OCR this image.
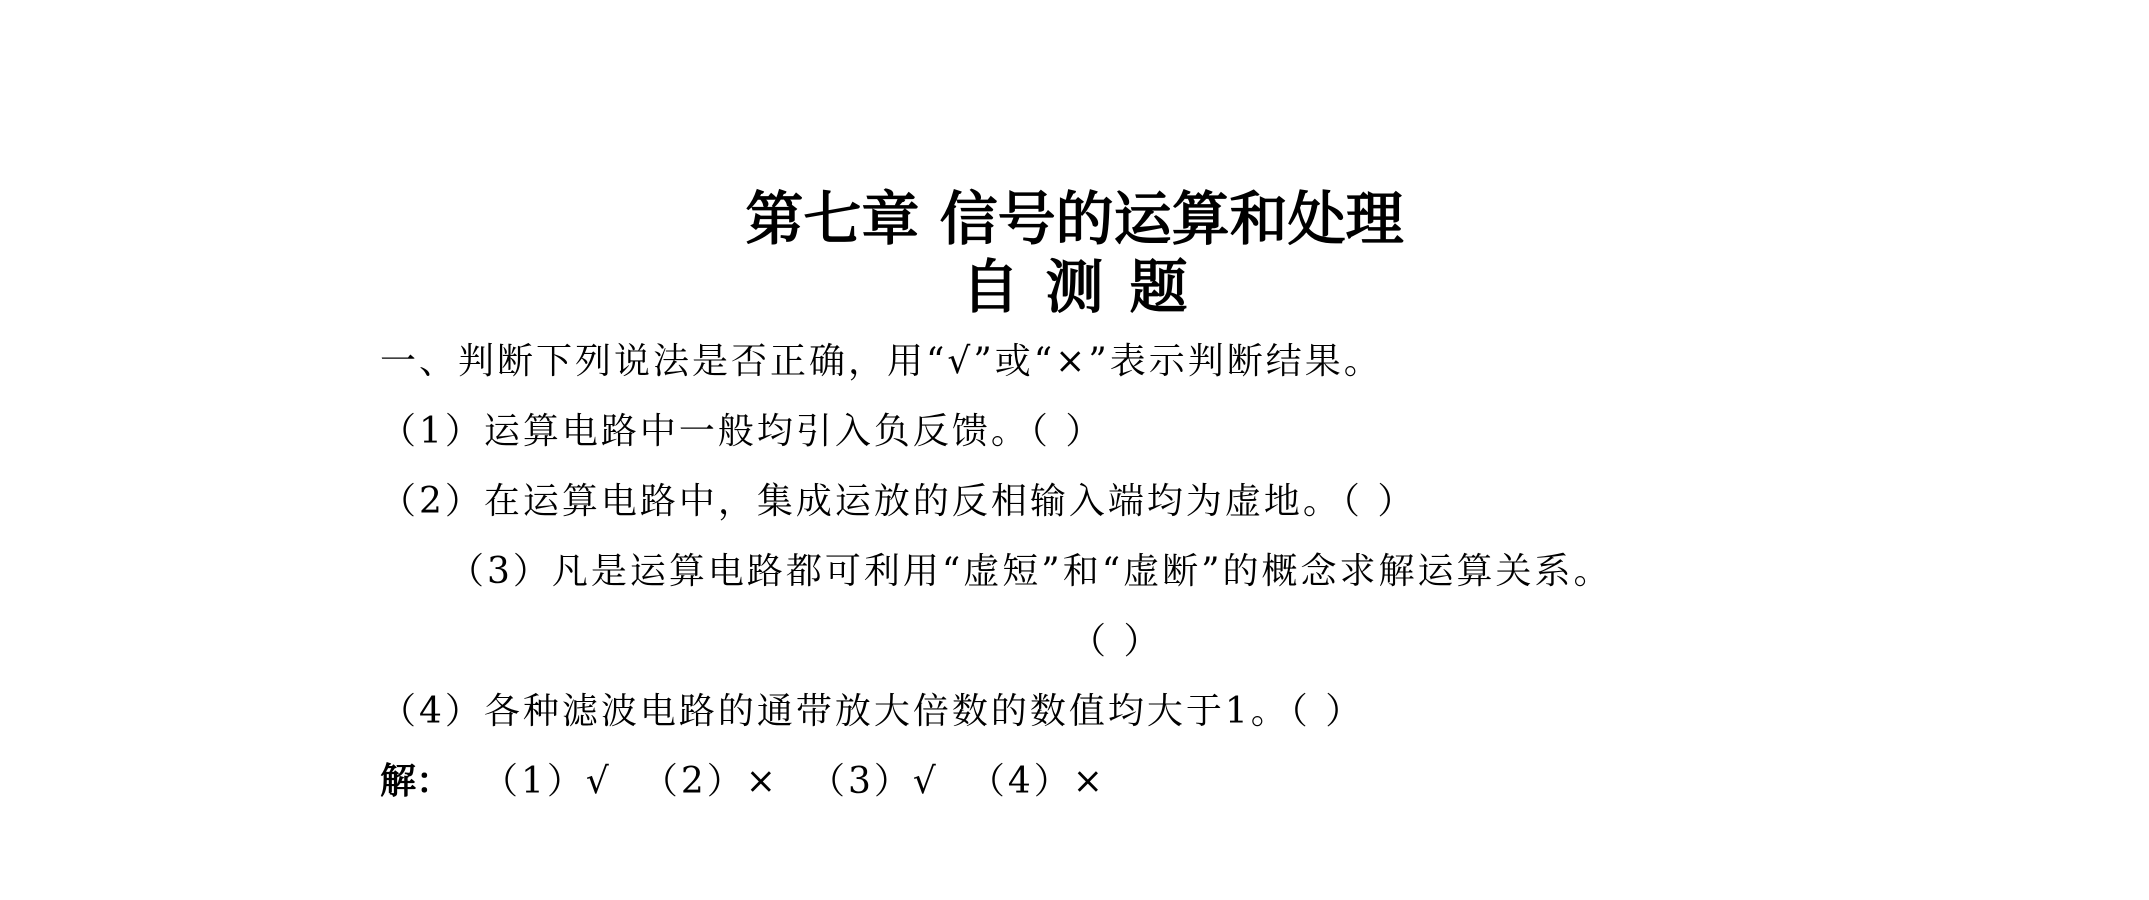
第七章 信号的运算和处理
自测题
一、判断下列说法是否正确，用“√”或“×”表示判断结果。
（1）运算电路中一般均引入负反馈。（ ）
（2）在运算电路中，集成运放的反相输入端均为虚地。（ ）
（3）凡是运算电路都可利用“虚短”和“虚断”的概念求解运算关系。
（ ）
（4）各种滤波电路的通带放大倍数的数值均大于1。（ ）
解： （1）√ （2）× （3）√ （4）×
